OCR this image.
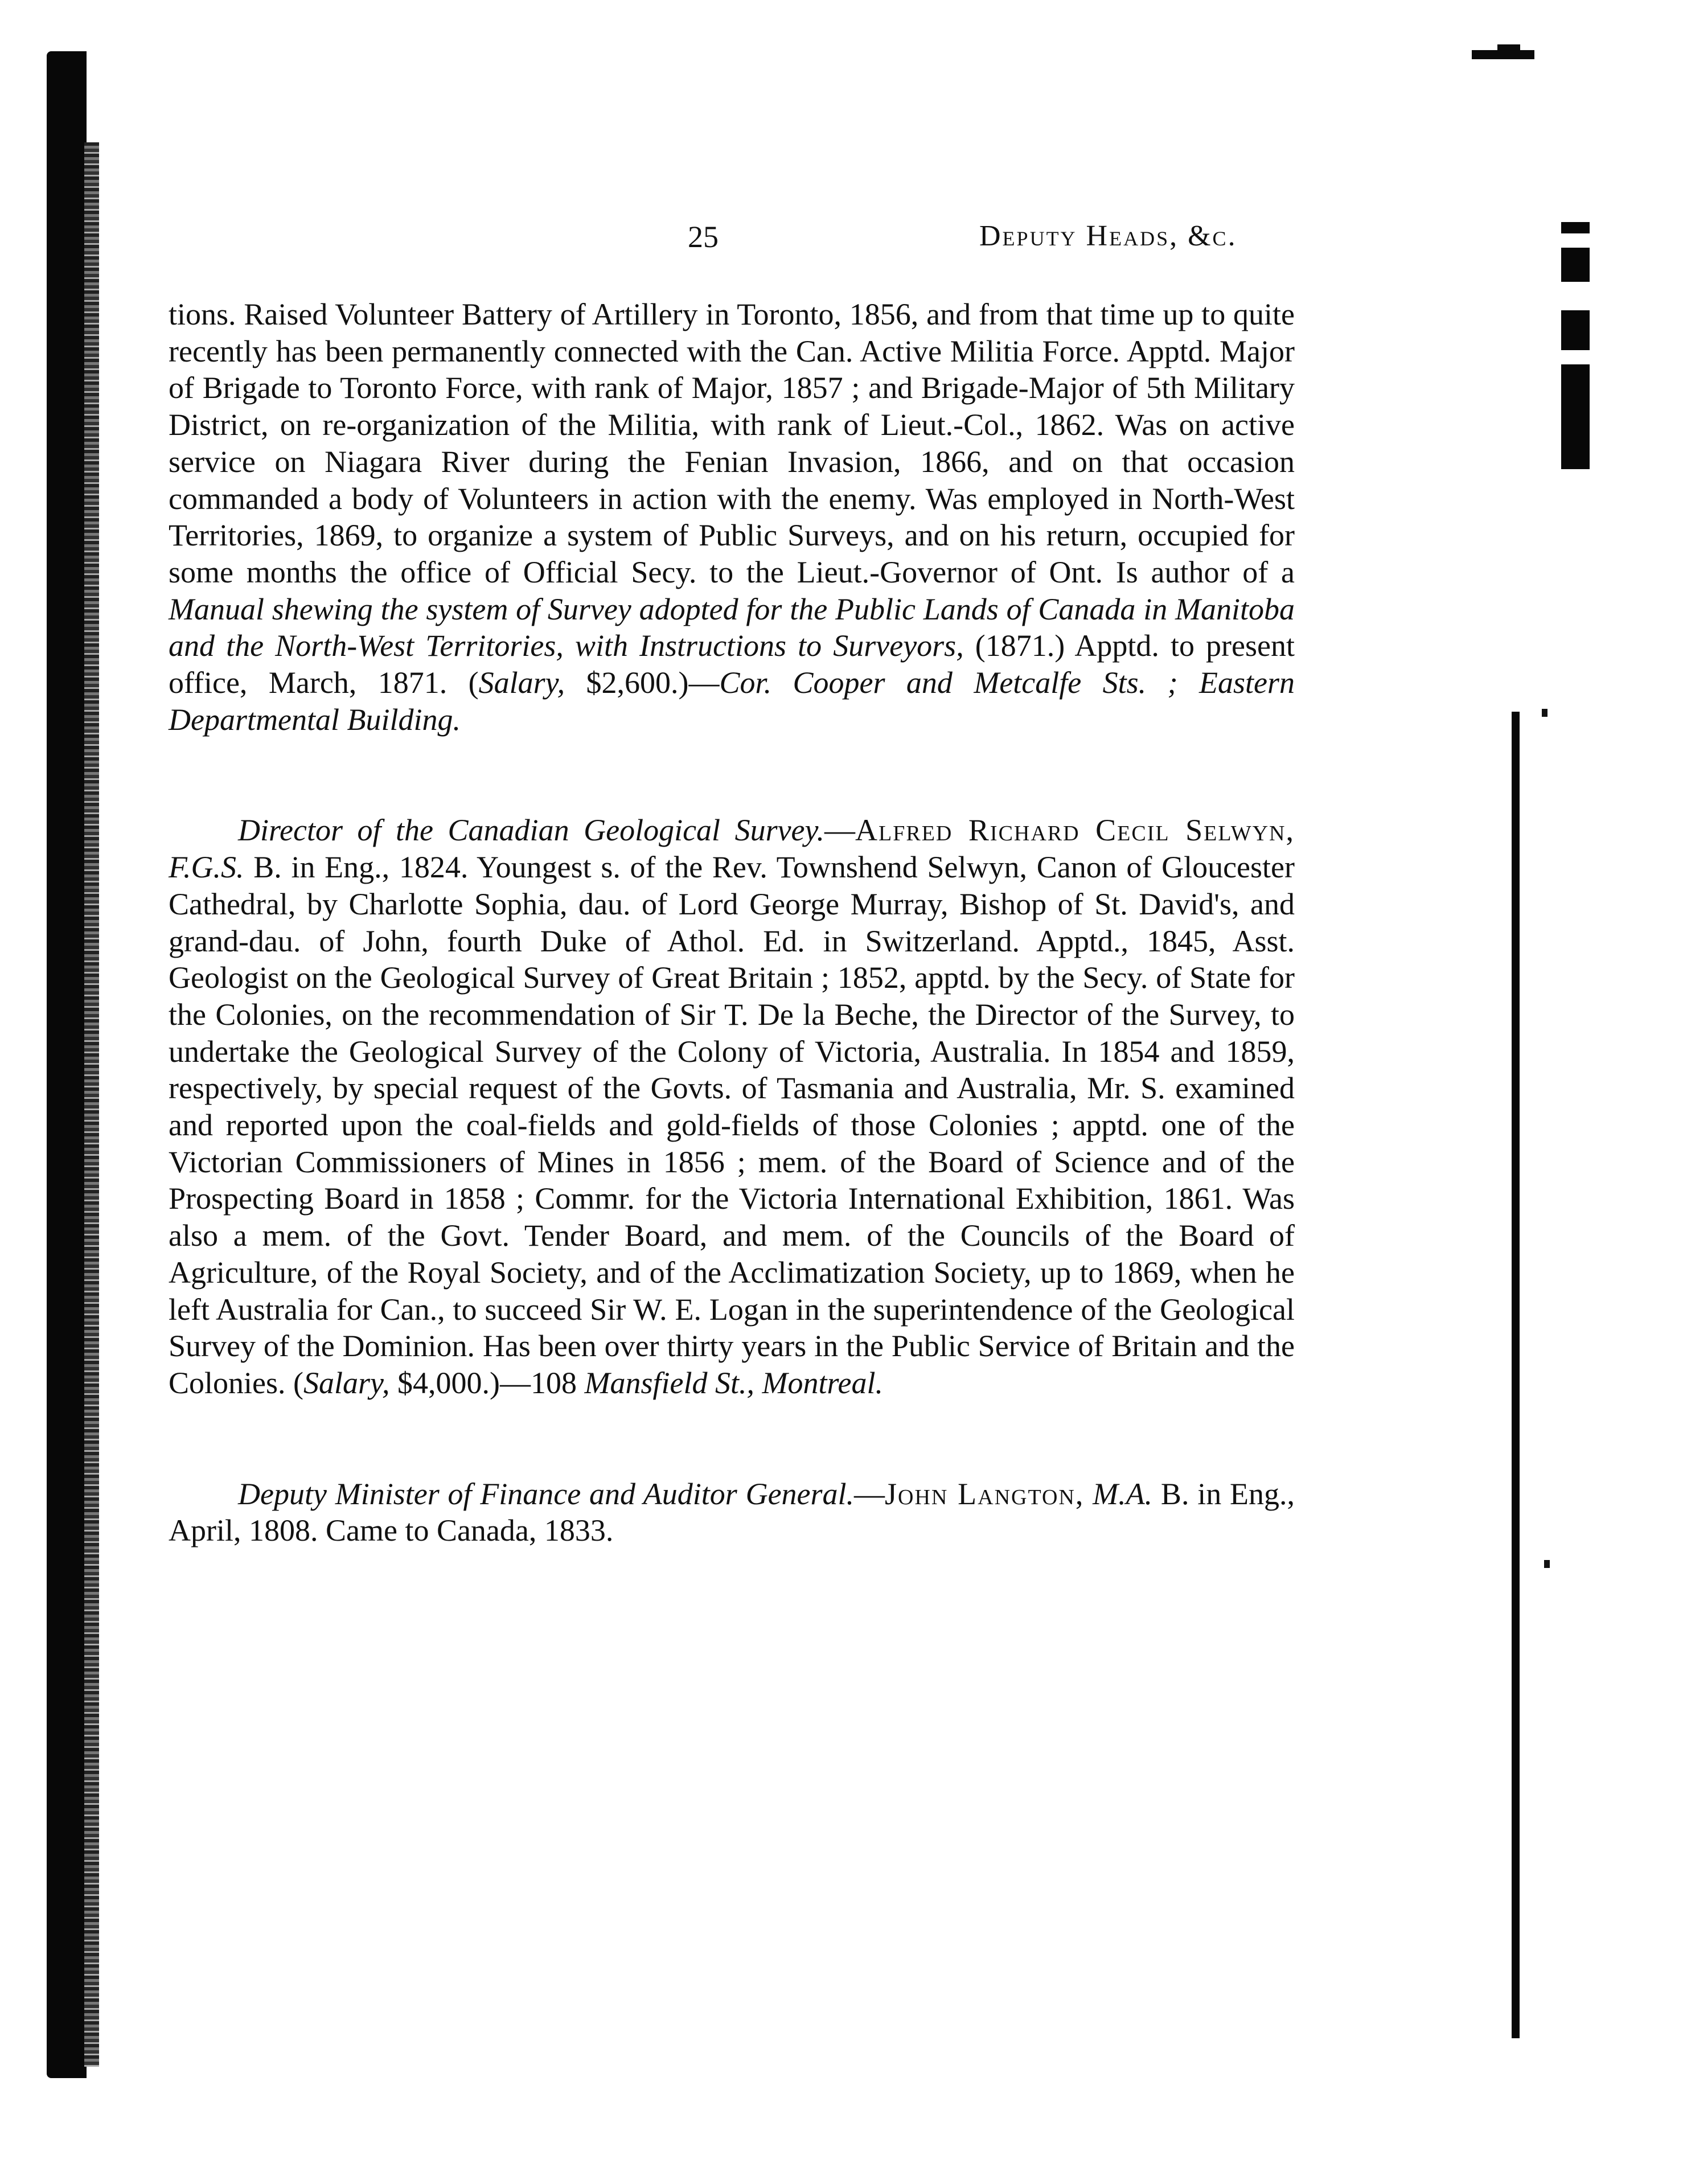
25	Deputy Heads, &c.

tions. Raised Volunteer Battery of Artillery in Toronto, 1856, and from that time up to quite recently has been permanently connected with the Can. Active Militia Force. Apptd. Major of Brigade to Toronto Force, with rank of Major, 1857 ; and Brigade-Major of 5th Military District, on re-organization of the Militia, with rank of Lieut.-Col., 1862. Was on active service on Niagara River during the Fenian Invasion, 1866, and on that occasion commanded a body of Volunteers in action with the enemy. Was employed in North-West Territories, 1869, to organize a system of Public Surveys, and on his return, occupied for some months the office of Official Secy. to the Lieut.-Governor of Ont. Is author of a Manual shewing the system of Survey adopted for the Public Lands of Canada in Manitoba and the North-West Territories, with Instructions to Surveyors, (1871.) Apptd. to present office, March, 1871. (Salary, $2,600.)—Cor. Cooper and Metcalfe Sts. ; Eastern Departmental Building.

Director of the Canadian Geological Survey.—Alfred Richard Cecil Selwyn, F.G.S. B. in Eng., 1824. Youngest s. of the Rev. Townshend Selwyn, Canon of Gloucester Cathedral, by Charlotte Sophia, dau. of Lord George Murray, Bishop of St. David's, and grand-dau. of John, fourth Duke of Athol. Ed. in Switzerland. Apptd., 1845, Asst. Geologist on the Geological Survey of Great Britain ; 1852, apptd. by the Secy. of State for the Colonies, on the recommendation of Sir T. De la Beche, the Director of the Survey, to undertake the Geological Survey of the Colony of Victoria, Australia. In 1854 and 1859, respectively, by special request of the Govts. of Tasmania and Australia, Mr. S. examined and reported upon the coal-fields and gold-fields of those Colonies ; apptd. one of the Victorian Commissioners of Mines in 1856 ; mem. of the Board of Science and of the Prospecting Board in 1858 ; Commr. for the Victoria International Exhibition, 1861. Was also a mem. of the Govt. Tender Board, and mem. of the Councils of the Board of Agriculture, of the Royal Society, and of the Acclimatization Society, up to 1869, when he left Australia for Can., to succeed Sir W. E. Logan in the superintendence of the Geological Survey of the Dominion. Has been over thirty years in the Public Service of Britain and the Colonies. (Salary, $4,000.)—108 Mansfield St., Montreal.

Deputy Minister of Finance and Auditor General.—John Langton, M.A. B. in Eng., April, 1808. Came to Canada, 1833.
